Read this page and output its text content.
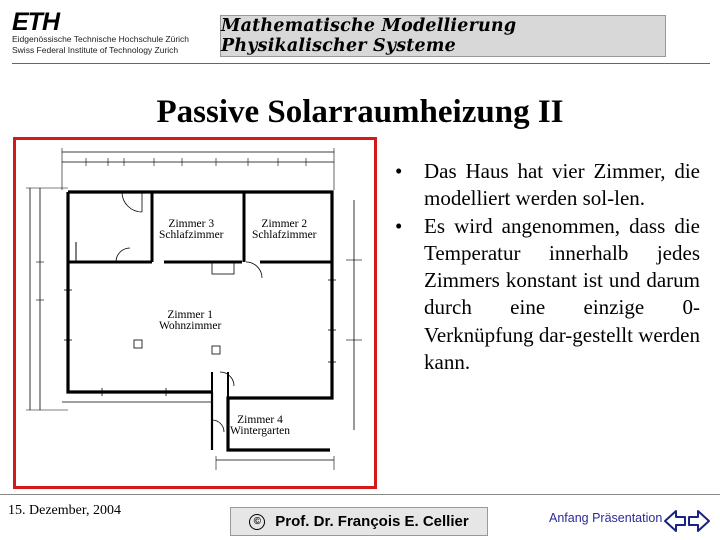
ETH
Eidgenössische Technische Hochschule Zürich
Swiss Federal Institute of Technology Zurich
Mathematische Modellierung Physikalischer Systeme
Passive Solarraumheizung II
Zimmer 3
Schlafzimmer
Zimmer 2
Schlafzimmer
Zimmer 1
Wohnzimmer
Zimmer 4
Wintergarten
• Das Haus hat vier Zimmer, die modelliert werden sol-len.
• Es wird angenommen, dass die Temperatur innerhalb jedes Zimmers konstant ist und darum durch eine einzige 0-Verknüpfung dar-gestellt werden kann.
15. Dezember, 2004
© Prof. Dr. François E. Cellier	Anfang Präsentation
